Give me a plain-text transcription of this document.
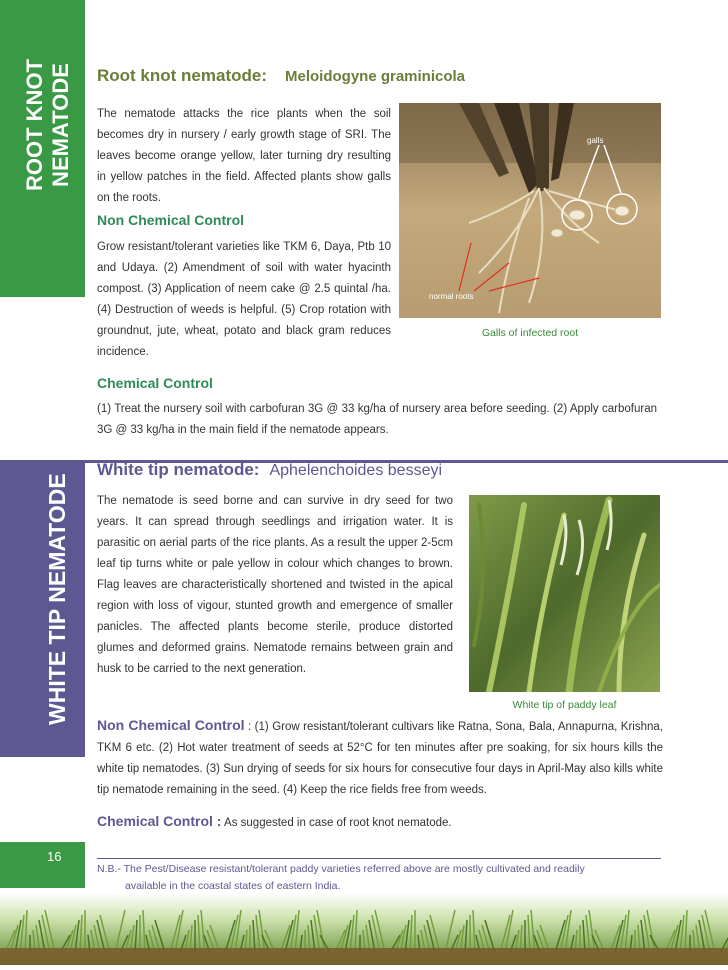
ROOT KNOT NEMATODE
WHITE TIP NEMATODE
Root knot nematode: Meloidogyne graminicola

The nematode attacks the rice plants when the soil becomes dry in nursery / early growth stage of SRI. The leaves become orange yellow, later turning dry resulting in yellow patches in the field. Affected plants show galls on the roots.

Non Chemical Control

Grow resistant/tolerant varieties like TKM 6, Daya, Ptb 10 and Udaya. (2) Amendment of soil with water hyacinth compost. (3) Application of neem cake @ 2.5 quintal /ha. (4) Destruction of weeds is helpful. (5) Crop rotation with groundnut, jute, wheat, potato and black gram reduces incidence.

galls
normal roots
Galls of infected root
Chemical Control

(1) Treat the nursery soil with carbofuran 3G @ 33 kg/ha of nursery area before seeding. (2) Apply carbofuran 3G @ 33 kg/ha in the main field if the nematode appears.

White tip nematode: Aphelenchoides besseyi

The nematode is seed borne and can survive in dry seed for two years. It can spread through seedlings and irrigation water. It is parasitic on aerial parts of the rice plants. As a result the upper 2-5cm leaf tip turns white or pale yellow in colour which changes to brown. Flag leaves are characteristically shortened and twisted in the apical region with loss of vigour, stunted growth and emergence of smaller panicles. The affected plants become sterile, produce distorted glumes and deformed grains. Nematode remains between grain and husk to be carried to the next generation.

White tip of paddy leaf
Non Chemical Control : (1) Grow resistant/tolerant cultivars like Ratna, Sona, Bala, Annapurna, Krishna, TKM 6 etc. (2) Hot water treatment of seeds at 52°C for ten minutes after pre soaking, for six hours kills the white tip nematodes. (3) Sun drying of seeds for six hours for consecutive four days in April-May also kills white tip nematode remaining in the seed. (4) Keep the rice fields free from weeds.
Chemical Control : As suggested in case of root knot nematode.
16
N.B.- The Pest/Disease resistant/tolerant paddy varieties referred above are mostly cultivated and readily
available in the coastal states of eastern India.
